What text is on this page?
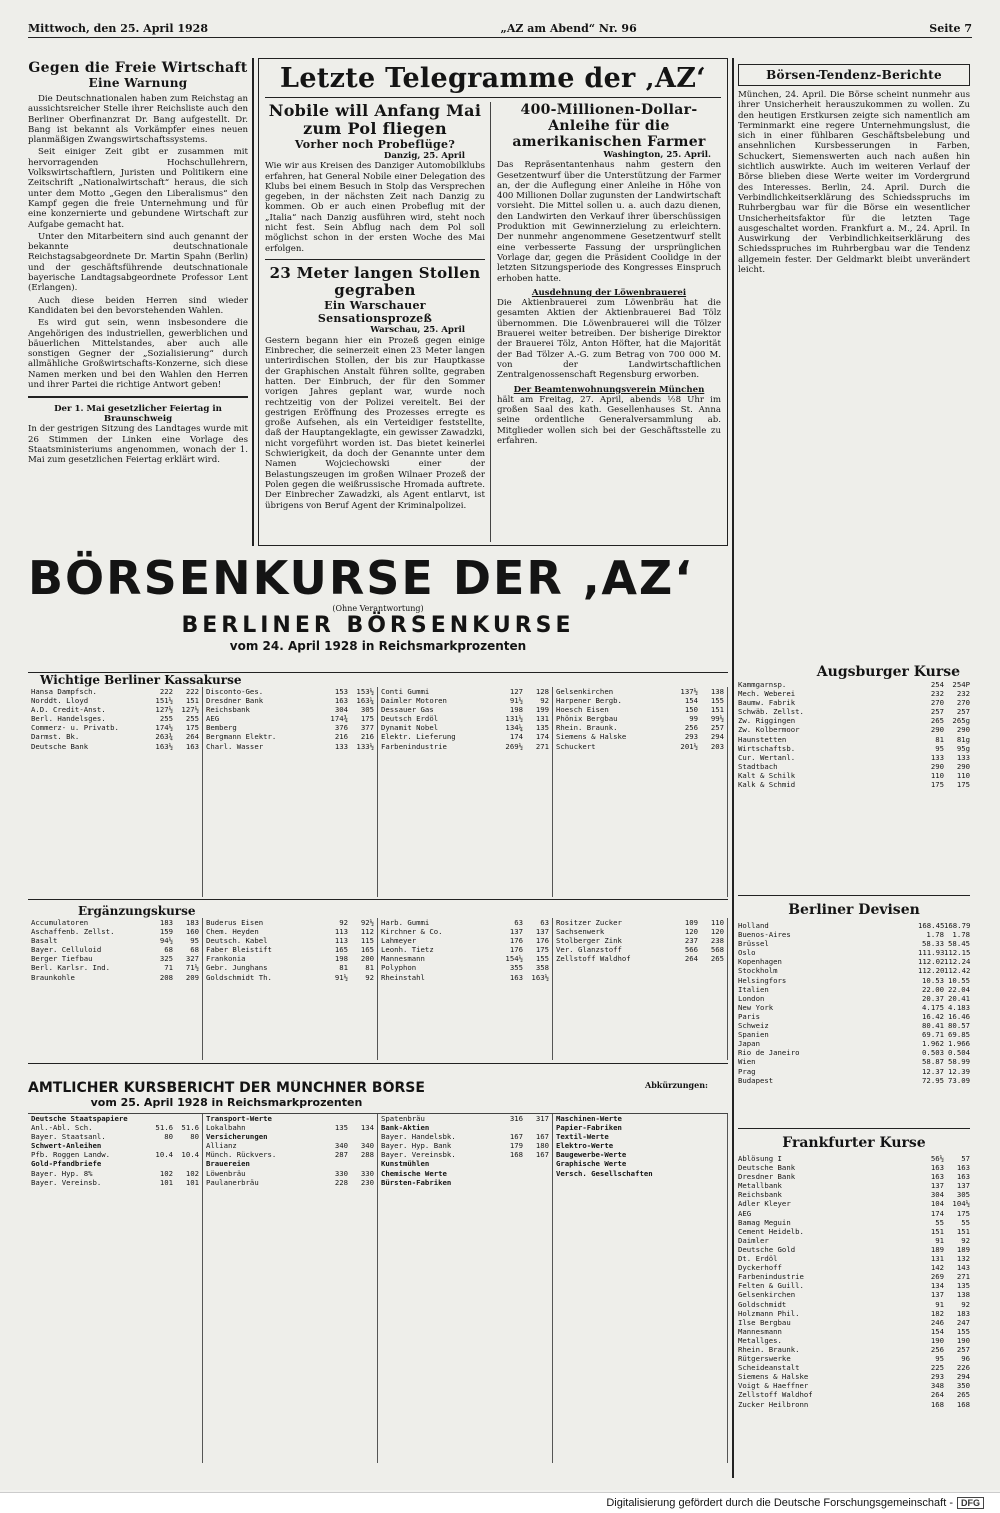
Mittwoch, den 25. April 1928	„AZ am Abend“ Nr. 96	Seite 7
Gegen die Freie Wirtschaft
Eine Warnung

Die Deutschnationalen haben zum Reichstag an aussichtsreicher Stelle ihrer Reichsliste auch den Berliner Oberfinanzrat Dr. Bang aufgestellt. Dr. Bang ist bekannt als Vorkämpfer eines neuen planmäßigen Zwangswirtschaftssystems.

Seit einiger Zeit gibt er zusammen mit hervorragenden Hochschullehrern, Volkswirtschaftlern, Juristen und Politikern eine Zeitschrift „Nationalwirtschaft“ heraus, die sich unter dem Motto „Gegen den Liberalismus“ den Kampf gegen die freie Unternehmung und für eine konzernierte und gebundene Wirtschaft zur Aufgabe gemacht hat.

Unter den Mitarbeitern sind auch genannt der bekannte deutschnationale Reichstagsabgeordnete Dr. Martin Spahn (Berlin) und der geschäftsführende deutschnationale bayerische Landtagsabgeordnete Professor Lent (Erlangen).

Auch diese beiden Herren sind wieder Kandidaten bei den bevorstehenden Wahlen.

Es wird gut sein, wenn insbesondere die Angehörigen des industriellen, gewerblichen und bäuerlichen Mittelstandes, aber auch alle sonstigen Gegner der „Sozialisierung“ durch allmähliche Großwirtschafts-Konzerne, sich diese Namen merken und bei den Wahlen den Herren und ihrer Partei die richtige Antwort geben!

Der 1. Mai gesetzlicher Feiertag in Braunschweig
In der gestrigen Sitzung des Landtages wurde mit 26 Stimmen der Linken eine Vorlage des Staatsministeriums angenommen, wonach der 1. Mai zum gesetzlichen Feiertag erklärt wird.
Letzte Telegramme der ‚AZ‘
Nobile will Anfang Mai zum Pol fliegen
Vorher noch Probeflüge?
Danzig, 25. April
Wie wir aus Kreisen des Danziger Automobilklubs erfahren, hat General Nobile einer Delegation des Klubs bei einem Besuch in Stolp das Versprechen gegeben, in der nächsten Zeit nach Danzig zu kommen. Ob er auch einen Probeflug mit der „Italia“ nach Danzig ausführen wird, steht noch nicht fest. Sein Abflug nach dem Pol soll möglichst schon in der ersten Woche des Mai erfolgen.
23 Meter langen Stollen gegraben
Ein Warschauer Sensationsprozeß
Warschau, 25. April
Gestern begann hier ein Prozeß gegen einige Einbrecher, die seinerzeit einen 23 Meter langen unterirdischen Stollen, der bis zur Hauptkasse der Graphischen Anstalt führen sollte, gegraben hatten. Der Einbruch, der für den Sommer vorigen Jahres geplant war, wurde noch rechtzeitig von der Polizei vereitelt. Bei der gestrigen Eröffnung des Prozesses erregte es große Aufsehen, als ein Verteidiger feststellte, daß der Hauptangeklagte, ein gewisser Zawadzki, nicht vorgeführt worden ist. Das bietet keinerlei Schwierigkeit, da doch der Genannte unter dem Namen Wojciechowski einer der Belastungszeugen im großen Wilnaer Prozeß der Polen gegen die weißrussische Hromada auftrete. Der Einbrecher Zawadzki, als Agent entlarvt, ist übrigens von Beruf Agent der Kriminalpolizei.
400-Millionen-Dollar-Anleihe für die amerikanischen Farmer
Washington, 25. April.
Das Repräsentantenhaus nahm gestern den Gesetzentwurf über die Unterstützung der Farmer an, der die Auflegung einer Anleihe in Höhe von 400 Millionen Dollar zugunsten der Landwirtschaft vorsieht. Die Mittel sollen u. a. auch dazu dienen, den Landwirten den Verkauf ihrer überschüssigen Produktion mit Gewinnerzielung zu erleichtern. Der nunmehr angenommene Gesetzentwurf stellt eine verbesserte Fassung der ursprünglichen Vorlage dar, gegen die Präsident Coolidge in der letzten Sitzungsperiode des Kongresses Einspruch erhoben hatte.
Ausdehnung der Löwenbrauerei
Die Aktienbrauerei zum Löwenbräu hat die gesamten Aktien der Aktienbrauerei Bad Tölz übernommen. Die Löwenbrauerei will die Tölzer Brauerei weiter betreiben. Der bisherige Direktor der Brauerei Tölz, Anton Höfter, hat die Majorität der Bad Tölzer A.-G. zum Betrag von 700 000 M. von der Landwirtschaftlichen Zentralgenossenschaft Regensburg erworben.
Der Beamtenwohnungsverein München
hält am Freitag, 27. April, abends ½8 Uhr im großen Saal des kath. Gesellenhauses St. Anna seine ordentliche Generalversammlung ab. Mitglieder wollen sich bei der Geschäftsstelle zu erfahren.
Börsen-Tendenz-Berichte
München, 24. April. Die Börse scheint nunmehr aus ihrer Unsicherheit herauszukommen zu wollen. Zu den heutigen Erstkursen zeigte sich namentlich am Terminmarkt eine regere Unternehmungslust, die sich in einer fühlbaren Geschäftsbelebung und ansehnlichen Kursbesserungen in Farben, Schuckert, Siemenswerten auch nach außen hin sichtlich auswirkte. Auch im weiteren Verlauf der Börse blieben diese Werte weiter im Vordergrund des Interesses. Berlin, 24. April. Durch die Verbindlichkeitserklärung des Schiedsspruchs im Ruhrbergbau war für die Börse ein wesentlicher Unsicherheitsfaktor für die letzten Tage ausgeschaltet worden. Frankfurt a. M., 24. April. In Auswirkung der Verbindlichkeitserklärung des Schiedsspruches im Ruhrbergbau war die Tendenz allgemein fester. Der Geldmarkt bleibt unverändert leicht.
BÖRSENKURSE DER ‚AZ‘
(Ohne Verantwortung)
BERLINER BÖRSENKURSE
vom 24. April 1928 in Reichsmarkprozenten
Wichtige Berliner Kassakurse
Hansa Dampfsch.	222	222
Norddt. Lloyd	151½	151
A.D. Credit-Anst.	127½	127½
Berl. Handelsges.	255	255
Commerz- u. Privatb.	174½	175
Darmst. Bk.	263¾	264
Deutsche Bank	163½	163
Disconto-Ges.	153	153½
Dresdner Bank	163	163¼
Reichsbank	304	305
AEG	174¾	175
Bemberg	376	377
Bergmann Elektr.	216	216
Charl. Wasser	133	133½
Conti Gummi	127	128
Daimler Motoren	91½	92
Dessauer Gas	198	199
Deutsch Erdöl	131½	131
Dynamit Nobel	134¼	135
Elektr. Lieferung	174	174
Farbenindustrie	269½	271
Gelsenkirchen	137½	138
Harpener Bergb.	154	155
Hoesch Eisen	150	151
Phönix Bergbau	99	99½
Rhein. Braunk.	256	257
Siemens & Halske	293	294
Schuckert	201½	203
Ergänzungskurse
Accumulatoren	183	183
Aschaffenb. Zellst.	159	160
Basalt	94½	95
Bayer. Celluloid	68	68
Berger Tiefbau	325	327
Berl. Karlsr. Ind.	71	71½
Braunkohle	208	209
Buderus Eisen	92	92½
Chem. Heyden	113	112
Deutsch. Kabel	113	115
Faber Bleistift	165	165
Frankonia	198	200
Gebr. Junghans	81	81
Goldschmidt Th.	91½	92
Harb. Gummi	63	63
Kirchner & Co.	137	137
Lahmeyer	176	176
Leonh. Tietz	176	175
Mannesmann	154½	155
Polyphon	355	358
Rheinstahl	163	163½
Rositzer Zucker	109	110
Sachsenwerk	120	120
Stolberger Zink	237	238
Ver. Glanzstoff	566	568
Zellstoff Waldhof	264	265
AMTLICHER KURSBERICHT DER MÜNCHNER BÖRSE
vom 25. April 1928 in Reichsmarkprozenten
Abkürzungen:
Deutsche Staatspapiere
Anl.-Abl. Sch.	51.6	51.6
Bayer. Staatsanl.	80	80
Schwert-Anleihen
Pfb. Roggen Landw.	10.4	10.4
Gold-Pfandbriefe
Bayer. Hyp. 8%	102	102
Bayer. Vereinsb.	101	101
Transport-Werte
Lokalbahn	135	134
Versicherungen
Allianz	340	340
Münch. Rückvers.	287	288
Brauereien
Löwenbräu	330	330
Paulanerbräu	228	230
Spatenbräu	316	317
Bank-Aktien
Bayer. Handelsbk.	167	167
Bayer. Hyp. Bank	179	180
Bayer. Vereinsbk.	168	167
Kunstmühlen
Chemische Werte
Bürsten-Fabriken
Maschinen-Werte
Papier-Fabriken
Textil-Werte
Elektro-Werte
Baugewerbe-Werte
Graphische Werte
Versch. Gesellschaften
Augsburger Kurse
Kammgarnsp.	254	254P
Mech. Weberei	232	232
Baumw. Fabrik	270	270
Schwäb. Zellst.	257	257
Zw. Riggingen	265	265g
Zw. Kolbermoor	290	290
Haunstetten	81	81g
Wirtschaftsb.	95	95g
Cur. Wertanl.	133	133
Stadtbach	290	290
Kalt & Schilk	110	110
Kalk & Schmid	175	175
Berliner Devisen
Holland	168.45 168.79
Buenos-Aires	1.78	1.78
Brüssel	58.33 58.45
Oslo	111.93 112.15
Kopenhagen	112.02 112.24
Stockholm	112.20 112.42
Helsingfors	10.53 10.55
Italien	22.00 22.04
London	20.37 20.41
New York	4.175 4.183
Paris	16.42 16.46
Schweiz	80.41 80.57
Spanien	69.71 69.85
Japan	1.962 1.966
Rio de Janeiro	0.503 0.504
Wien	58.87 58.99
Prag	12.37 12.39
Budapest	72.95 73.09
Frankfurter Kurse
Ablösung I	56½	57
Deutsche Bank	163	163
Dresdner Bank	163	163
Metallbank	137	137
Reichsbank	304	305
Adler Kleyer	104	104½
AEG	174	175
Bamag Meguin	55	55
Cement Heidelb.	151	151
Daimler	91	92
Deutsche Gold	189	189
Dt. Erdöl	131	132
Dyckerhoff	142	143
Farbenindustrie	269	271
Felten & Guill.	134	135
Gelsenkirchen	137	138
Goldschmidt	91	92
Holzmann Phil.	182	183
Ilse Bergbau	246	247
Mannesmann	154	155
Metallges.	190	190
Rhein. Braunk.	256	257
Rütgerswerke	95	96
Scheideanstalt	225	226
Siemens & Halske	293	294
Voigt & Haeffner	348	350
Zellstoff Waldhof	264	265
Zucker Heilbronn	168	168
Digitalisierung gefördert durch die Deutsche Forschungsgemeinschaft - DFG
